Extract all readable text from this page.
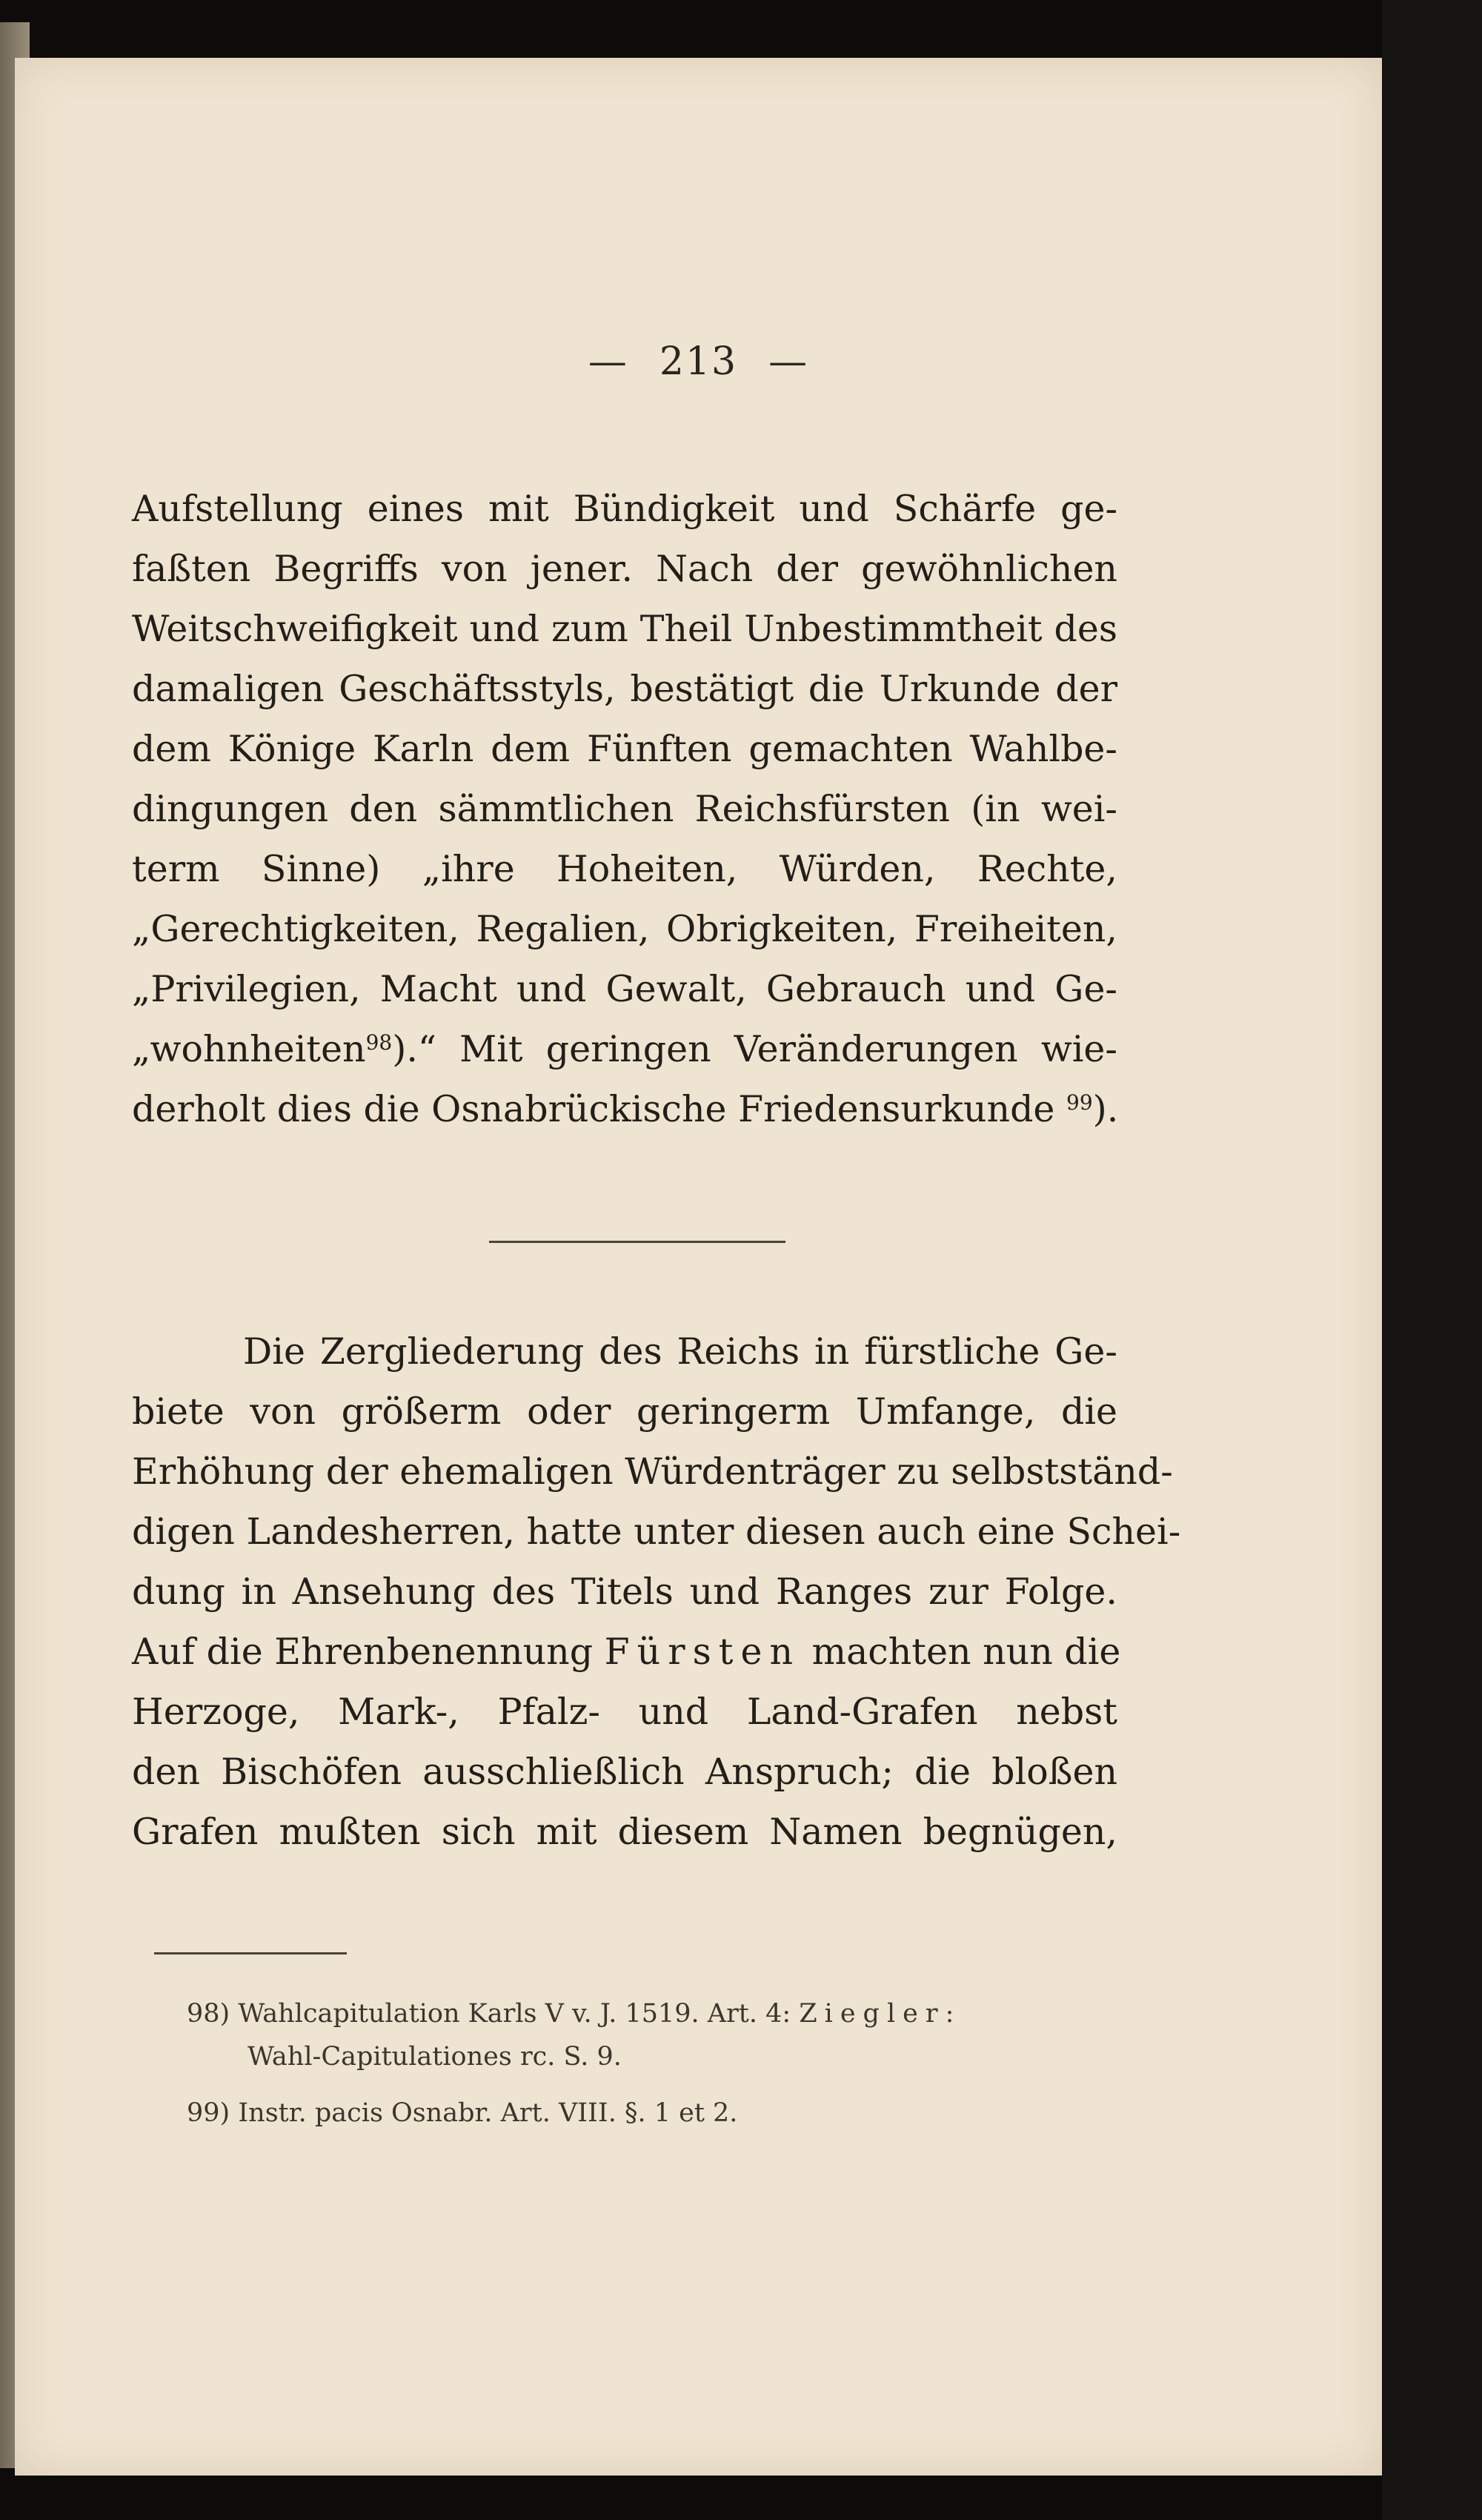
— 213 —
Aufstellung eines mit Bündigkeit und Schärfe ge-
faßten Begriffs von jener. Nach der gewöhnlichen
Weitschweifigkeit und zum Theil Unbestimmtheit des
damaligen Geschäftsstyls, bestätigt die Urkunde der
dem Könige Karln dem Fünften gemachten Wahlbe-
dingungen den sämmtlichen Reichsfürsten (in wei-
term Sinne) „ihre Hoheiten, Würden, Rechte,
„Gerechtigkeiten, Regalien, Obrigkeiten, Freiheiten,
„Privilegien, Macht und Gewalt, Gebrauch und Ge-
„wohnheiten$^{98}$).“ Mit geringen Veränderungen wie-
derholt dies die Osnabrückische Friedensurkunde $^{99}$).
Die Zergliederung des Reichs in fürstliche Ge-
biete von größerm oder geringerm Umfange, die
Erhöhung der ehemaligen Würdenträger zu selbstständ-
digen Landesherren, hatte unter diesen auch eine Schei-
dung in Ansehung des Titels und Ranges zur Folge.
Auf die Ehrenbenennung Fürsten machten nun die
Herzoge, Mark-, Pfalz- und Land-Grafen nebst
den Bischöfen ausschließlich Anspruch; die bloßen
Grafen mußten sich mit diesem Namen begnügen,
98) Wahlcapitulation Karls V v. J. 1519. Art. 4: Ziegler:
Wahl-Capitulationes rc. S. 9.
99) Instr. pacis Osnabr. Art. VIII. §. 1 et 2.
